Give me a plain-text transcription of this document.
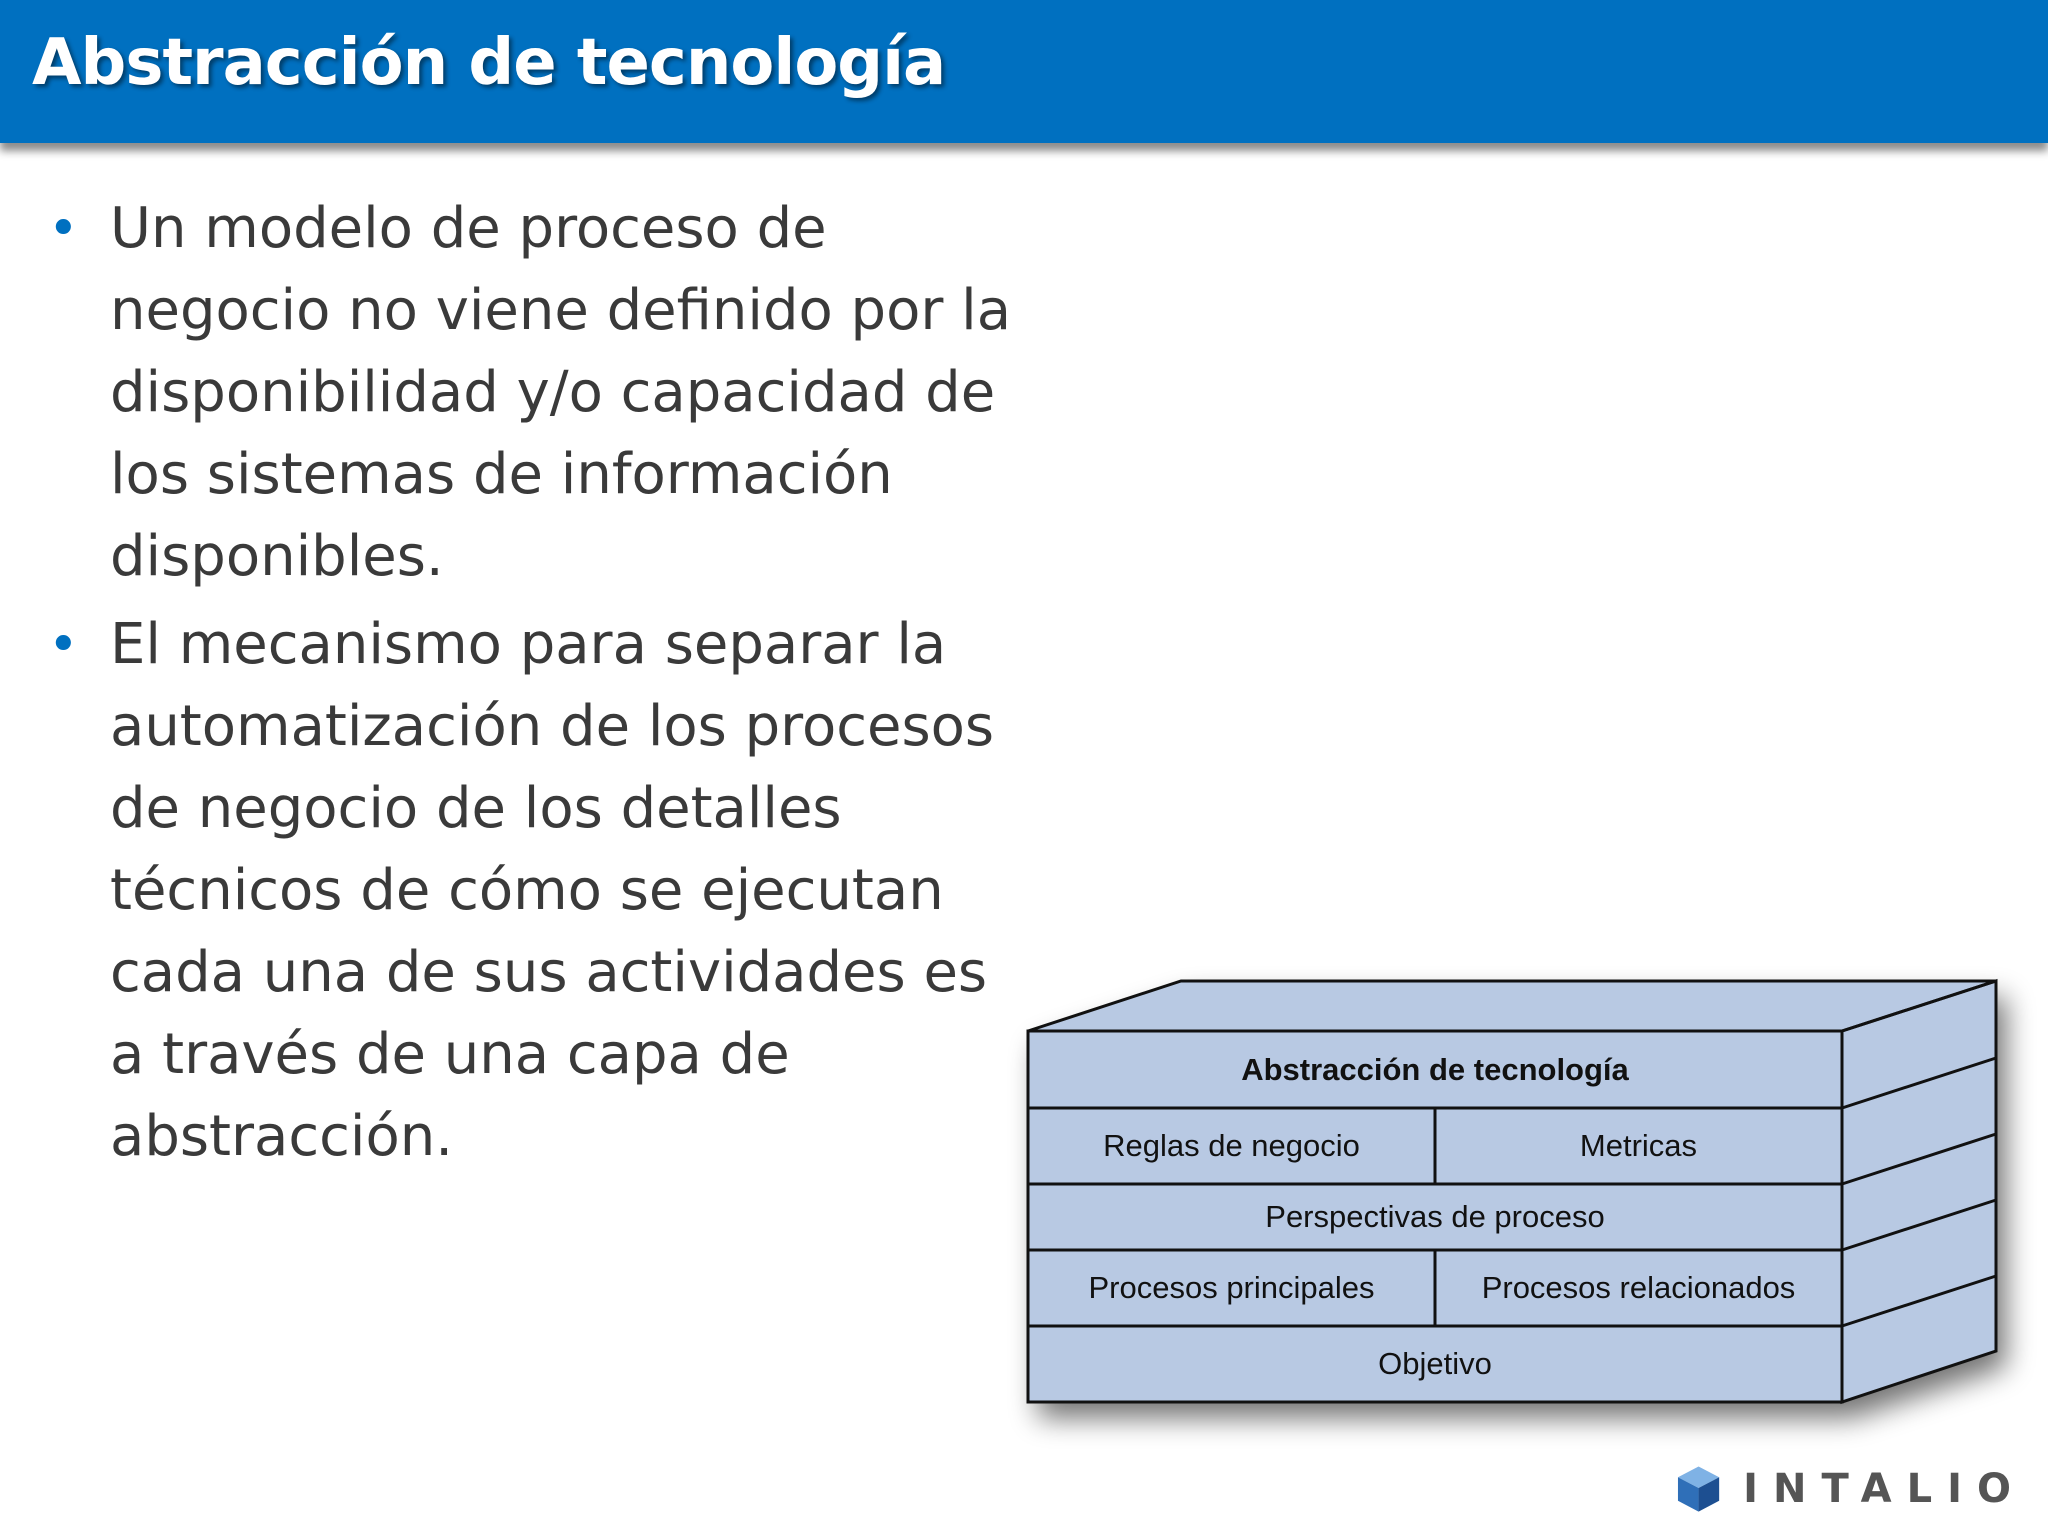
Abstracción de tecnología
• Un modelo de proceso de negocio no viene definido por la disponibilidad y/o capacidad de los sistemas de información disponibles.
• El mecanismo para separar la automatización de los procesos de negocio de los detalles técnicos de cómo se ejecutan cada una de sus actividades es a través de una capa de abstracción.
Abstracción de tecnología
Reglas de negocio	Metricas
Perspectivas de proceso
Procesos principales	Procesos relacionados
Objetivo
INTALIO
